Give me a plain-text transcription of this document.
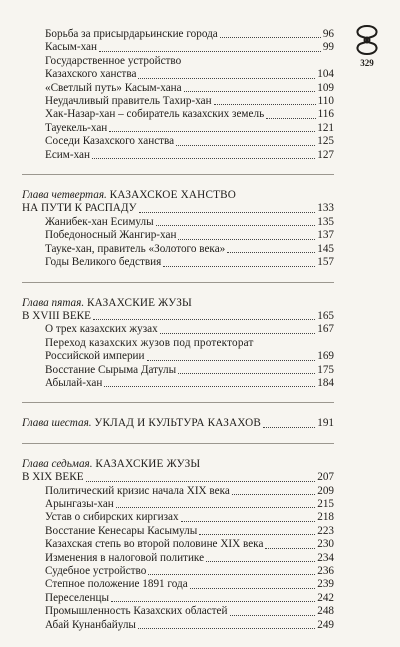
329
Борьба за присырдарьинские города	96
Касым-хан	99
Государственное устройство
Казахского ханства	104
«Светлый путь» Касым-хана	109
Неудачливый правитель Тахир-хан	110
Хак-Назар-хан – собиратель казахских земель	116
Тауекель-хан	121
Соседи Казахского ханства	125
Есим-хан	127
Глава четвертая. КАЗАХСКОЕ ХАНСТВО
НА ПУТИ К РАСПАДУ	133
Жанибек-хан Есимулы	135
Победоносный Жангир-хан	137
Тауке-хан, правитель «Золотого века»	145
Годы Великого бедствия	157
Глава пятая. КАЗАХСКИЕ ЖУЗЫ
В XVIII ВЕКЕ	165
О трех казахских жузах	167
Переход казахских жузов под протекторат
Российской империи	169
Восстание Сырыма Датулы	175
Абылай-хан	184
Глава шестая. УКЛАД И КУЛЬТУРА КАЗАХОВ	191
Глава седьмая. КАЗАХСКИЕ ЖУЗЫ
В XIX ВЕКЕ	207
Политический кризис начала XIX века	209
Арынгазы-хан	215
Устав о сибирских киргизах	218
Восстание Кенесары Касымулы	223
Казахская степь во второй половине XIX века	230
Изменения в налоговой политике	234
Судебное устройство	236
Степное положение 1891 года	239
Переселенцы	242
Промышленность Казахских областей	248
Абай Кунанбайулы	249
